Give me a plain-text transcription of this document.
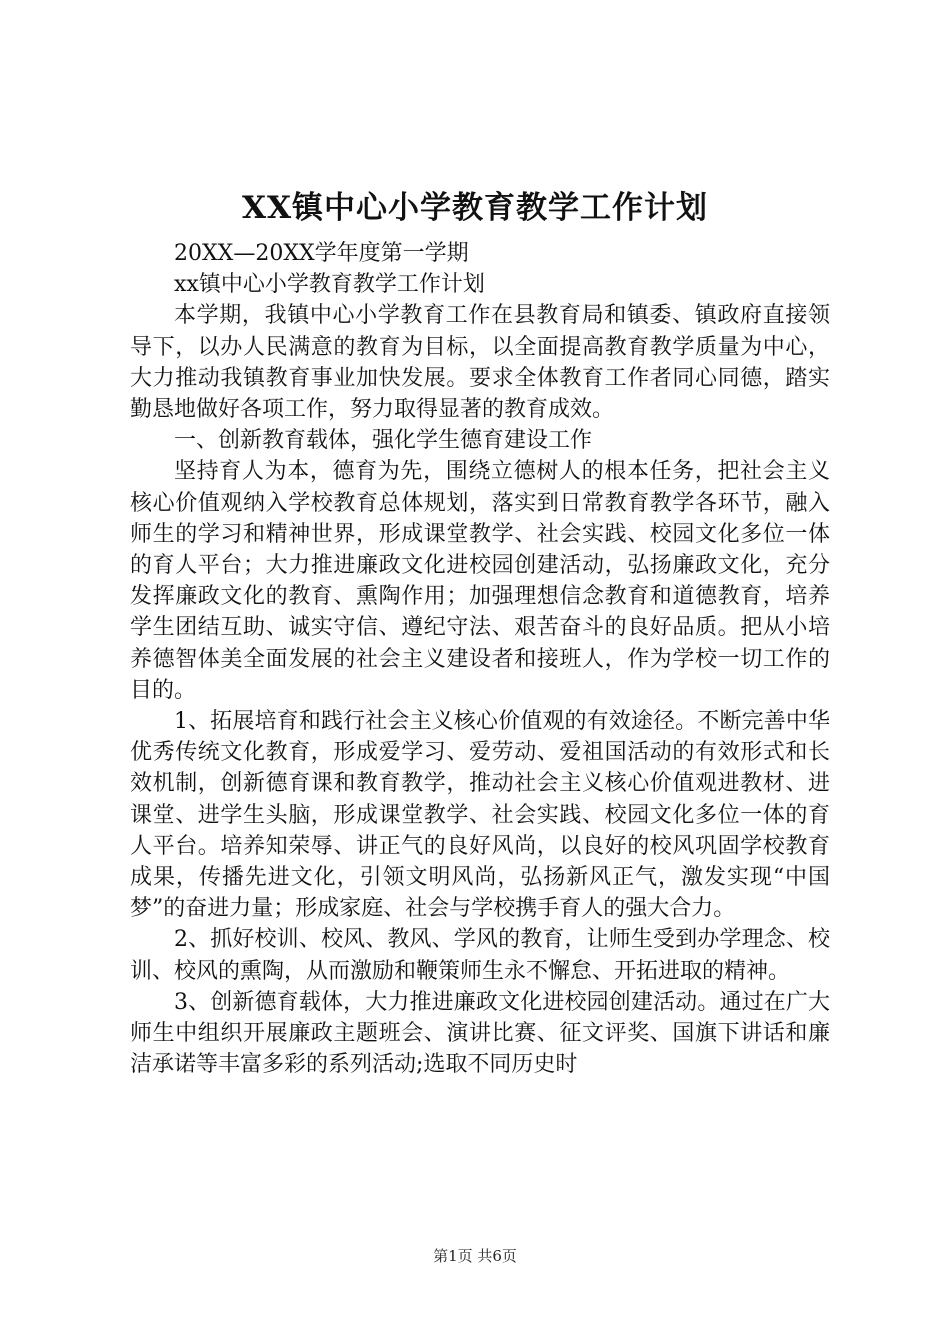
XX镇中心小学教育教学工作计划

20XX—20XX学年度第一学期

xx镇中心小学教育教学工作计划

本学期，我镇中心小学教育工作在县教育局和镇委、镇政府直接领导下，以办人民满意的教育为目标，以全面提高教育教学质量为中心，大力推动我镇教育事业加快发展。要求全体教育工作者同心同德，踏实勤恳地做好各项工作，努力取得显著的教育成效。

一、创新教育载体，强化学生德育建设工作

坚持育人为本，德育为先，围绕立德树人的根本任务，把社会主义核心价值观纳入学校教育总体规划，落实到日常教育教学各环节，融入师生的学习和精神世界，形成课堂教学、社会实践、校园文化多位一体的育人平台；大力推进廉政文化进校园创建活动，弘扬廉政文化，充分发挥廉政文化的教育、熏陶作用；加强理想信念教育和道德教育，培养学生团结互助、诚实守信、遵纪守法、艰苦奋斗的良好品质。把从小培养德智体美全面发展的社会主义建设者和接班人，作为学校一切工作的目的。

1、拓展培育和践行社会主义核心价值观的有效途径。不断完善中华优秀传统文化教育，形成爱学习、爱劳动、爱祖国活动的有效形式和长效机制，创新德育课和教育教学，推动社会主义核心价值观进教材、进课堂、进学生头脑，形成课堂教学、社会实践、校园文化多位一体的育人平台。培养知荣辱、讲正气的良好风尚，以良好的校风巩固学校教育成果，传播先进文化，引领文明风尚，弘扬新风正气，激发实现“中国梦”的奋进力量；形成家庭、社会与学校携手育人的强大合力。

2、抓好校训、校风、教风、学风的教育，让师生受到办学理念、校训、校风的熏陶，从而激励和鞭策师生永不懈怠、开拓进取的精神。

3、创新德育载体，大力推进廉政文化进校园创建活动。通过在广大师生中组织开展廉政主题班会、演讲比赛、征文评奖、国旗下讲话和廉洁承诺等丰富多彩的系列活动;选取不同历史时

第1页 共6页
